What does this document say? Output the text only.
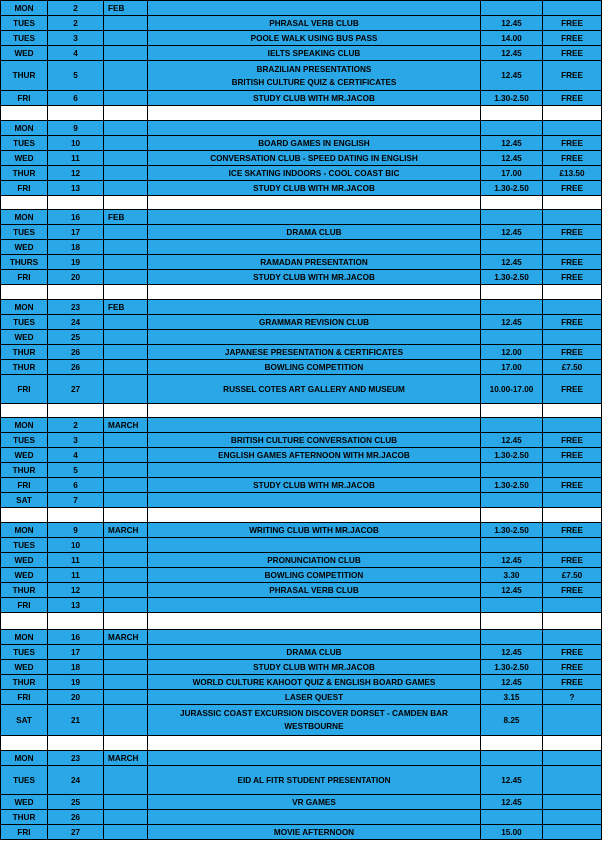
MON	2	FEB			
TUES	2		PHRASAL VERB CLUB	12.45	FREE
TUES	3		POOLE WALK USING BUS PASS	14.00	FREE
WED	4		IELTS SPEAKING CLUB	12.45	FREE
THUR	5		BRAZILIAN PRESENTATIONS
BRITISH CULTURE QUIZ & CERTIFICATES	12.45	FREE
FRI	6		STUDY CLUB WITH MR.JACOB	1.30-2.50	FREE

MON	9				
TUES	10		BOARD GAMES IN ENGLISH	12.45	FREE
WED	11		CONVERSATION CLUB - SPEED DATING IN ENGLISH	12.45	FREE
THUR	12		ICE SKATING INDOORS - COOL COAST BIC	17.00	£13.50
FRI	13		STUDY CLUB WITH MR.JACOB	1.30-2.50	FREE

MON	16	FEB			
TUES	17		DRAMA CLUB	12.45	FREE
WED	18				
THURS	19		RAMADAN PRESENTATION	12.45	FREE
FRI	20		STUDY CLUB WITH MR.JACOB	1.30-2.50	FREE

MON	23	FEB			
TUES	24		GRAMMAR REVISION CLUB	12.45	FREE
WED	25				
THUR	26		JAPANESE PRESENTATION & CERTIFICATES	12.00	FREE
THUR	26		BOWLING COMPETITION	17.00	£7.50
FRI	27		RUSSEL COTES ART GALLERY AND MUSEUM	10.00-17.00	FREE

MON	2	MARCH			
TUES	3		BRITISH CULTURE CONVERSATION CLUB	12.45	FREE
WED	4		ENGLISH GAMES AFTERNOON WITH MR.JACOB	1.30-2.50	FREE
THUR	5				
FRI	6		STUDY CLUB WITH MR.JACOB	1.30-2.50	FREE
SAT	7				

MON	9	MARCH	WRITING CLUB WITH MR.JACOB	1.30-2.50	FREE
TUES	10				
WED	11		PRONUNCIATION CLUB	12.45	FREE
WED	11		BOWLING COMPETITION	3.30	£7.50
THUR	12		PHRASAL VERB CLUB	12.45	FREE
FRI	13				

MON	16	MARCH			
TUES	17		DRAMA CLUB	12.45	FREE
WED	18		STUDY CLUB WITH MR.JACOB	1.30-2.50	FREE
THUR	19		WORLD CULTURE KAHOOT QUIZ & ENGLISH BOARD GAMES	12.45	FREE
FRI	20		LASER QUEST	3.15	?
SAT	21		JURASSIC COAST EXCURSION DISCOVER DORSET - CAMDEN BAR
WESTBOURNE	8.25	

MON	23	MARCH			
TUES	24		EID AL FITR STUDENT PRESENTATION	12.45	
WED	25		VR GAMES	12.45	
THUR	26				
FRI	27		MOVIE AFTERNOON	15.00	
